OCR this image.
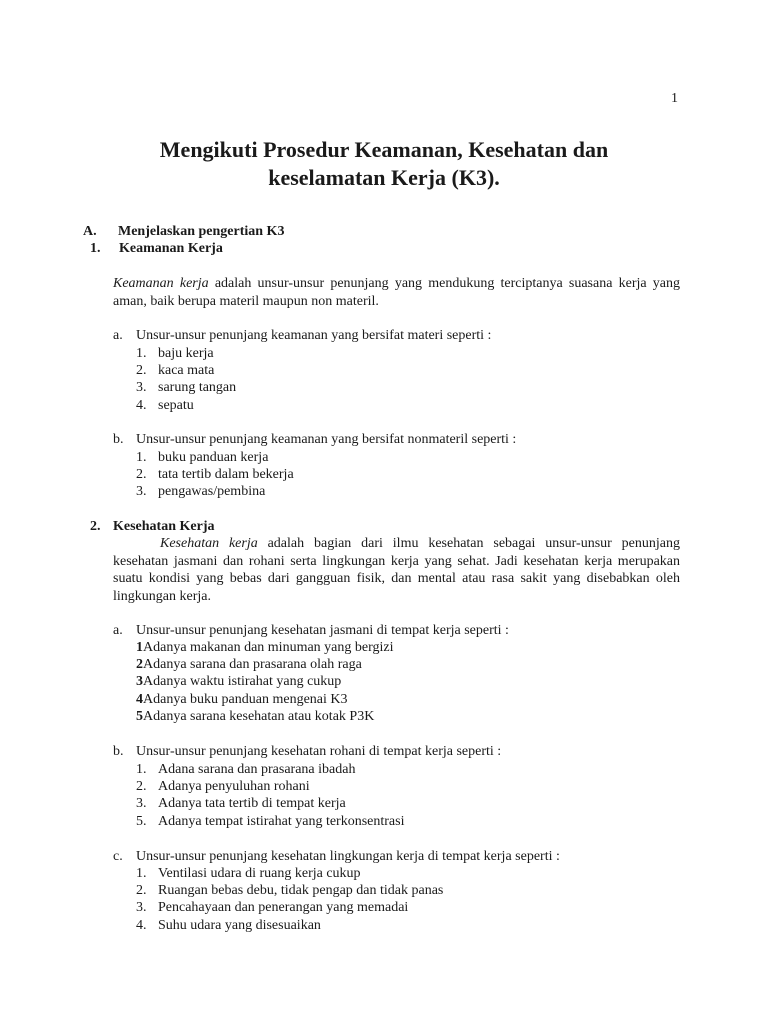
1
Mengikuti Prosedur Keamanan, Kesehatan dan
keselamatan Kerja (K3).
A. Menjelaskan pengertian K3
1. Keamanan Kerja
Keamanan kerja adalah unsur-unsur penunjang yang mendukung terciptanya suasana kerja yang aman, baik berupa materil maupun non materil.
a. Unsur-unsur penunjang keamanan yang bersifat materi seperti :
1. baju kerja
2. kaca mata
3. sarung tangan
4. sepatu
b. Unsur-unsur penunjang keamanan yang bersifat nonmateril seperti :
1. buku panduan kerja
2. tata tertib dalam bekerja
3. pengawas/pembina
2. Kesehatan Kerja
Kesehatan kerja adalah bagian dari ilmu kesehatan sebagai unsur-unsur penunjang kesehatan jasmani dan rohani serta lingkungan kerja yang sehat. Jadi kesehatan kerja merupakan suatu kondisi yang bebas dari gangguan fisik, dan mental atau rasa sakit yang disebabkan oleh lingkungan kerja.
a. Unsur-unsur penunjang kesehatan jasmani di tempat kerja seperti :
1Adanya makanan dan minuman yang bergizi
2Adanya sarana dan prasarana olah raga
3Adanya waktu istirahat yang cukup
4Adanya buku panduan mengenai K3
5Adanya sarana kesehatan atau kotak P3K
b. Unsur-unsur penunjang kesehatan rohani di tempat kerja seperti :
1. Adana sarana dan prasarana ibadah
2. Adanya penyuluhan rohani
3. Adanya tata tertib di tempat kerja
5. Adanya tempat istirahat yang terkonsentrasi
c. Unsur-unsur penunjang kesehatan lingkungan kerja di tempat kerja seperti :
1. Ventilasi udara di ruang kerja cukup
2. Ruangan bebas debu, tidak pengap dan tidak panas
3. Pencahayaan dan penerangan yang memadai
4. Suhu udara yang disesuaikan
